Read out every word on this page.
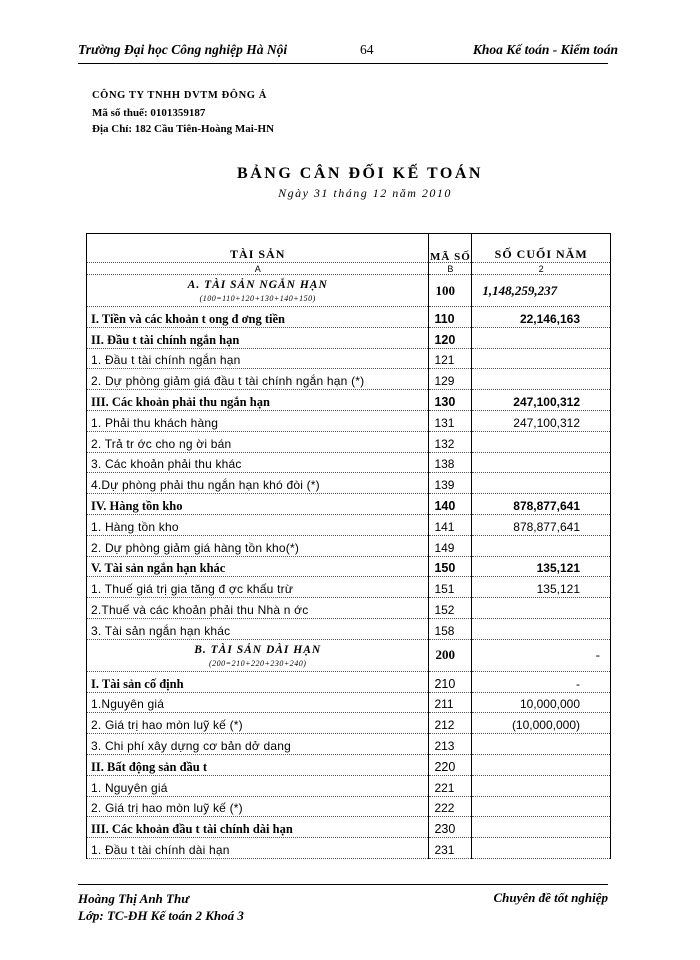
Trường Đại học Công nghiệp Hà Nội	64	Khoa Kế toán - Kiểm toán
CÔNG TY TNHH DVTM ĐÔNG Á
Mã số thuế: 0101359187
Địa Chỉ: 182 Cầu Tiên-Hoàng Mai-HN
BẢNG CÂN ĐỐI KẾ TOÁN
Ngày 31 tháng 12 năm 2010
TÀI SẢN	MÃ SỐ	SỐ CUỐI NĂM
A	B	2
A. TÀI SẢN NGẮN HẠN
(100=110+120+130+140+150)	100	1,148,259,237
I. Tiền và các khoản t ong đ ơng tiền	110	22,146,163
II. Đầu t tài chính ngắn hạn	120	
1. Đầu t tài chính ngắn hạn	121	
2. Dự phòng giảm giá đầu t tài chính ngắn hạn (*)	129	
III. Các khoản phải thu ngắn hạn	130	247,100,312
1. Phải thu khách hàng	131	247,100,312
2. Trả tr ớc cho ng ời bán	132	
3. Các khoản phải thu khác	138	
4.Dự phòng phải thu ngắn hạn khó đòi (*)	139	
IV. Hàng tồn kho	140	878,877,641
1. Hàng tồn kho	141	878,877,641
2. Dự phòng giảm giá hàng tồn kho(*)	149	
V. Tài sản ngắn hạn khác	150	135,121
1. Thuế giá trị gia tăng đ ợc khấu trừ	151	135,121
2.Thuế và các khoản phải thu Nhà n ớc	152	
3. Tài sản ngắn hạn khác	158	
B. TÀI SẢN DÀI HẠN
(200=210+220+230+240)	200	-
I. Tài sản cố định	210	-
1.Nguyên giá	211	10,000,000
2. Giá trị hao mòn luỹ kế (*)	212	(10,000,000)
3. Chi phí xây dựng cơ bản dở dang	213	
II. Bất động sản đầu t	220	
1. Nguyên giá	221	
2. Giá trị hao mòn luỹ kế (*)	222	
III. Các khoản đầu t tài chính dài hạn	230	
1. Đầu t tài chính dài hạn	231	
Hoàng Thị Anh Thư
Lớp: TC-ĐH Kế toán 2 Khoá 3
Chuyên đề tốt nghiệp
